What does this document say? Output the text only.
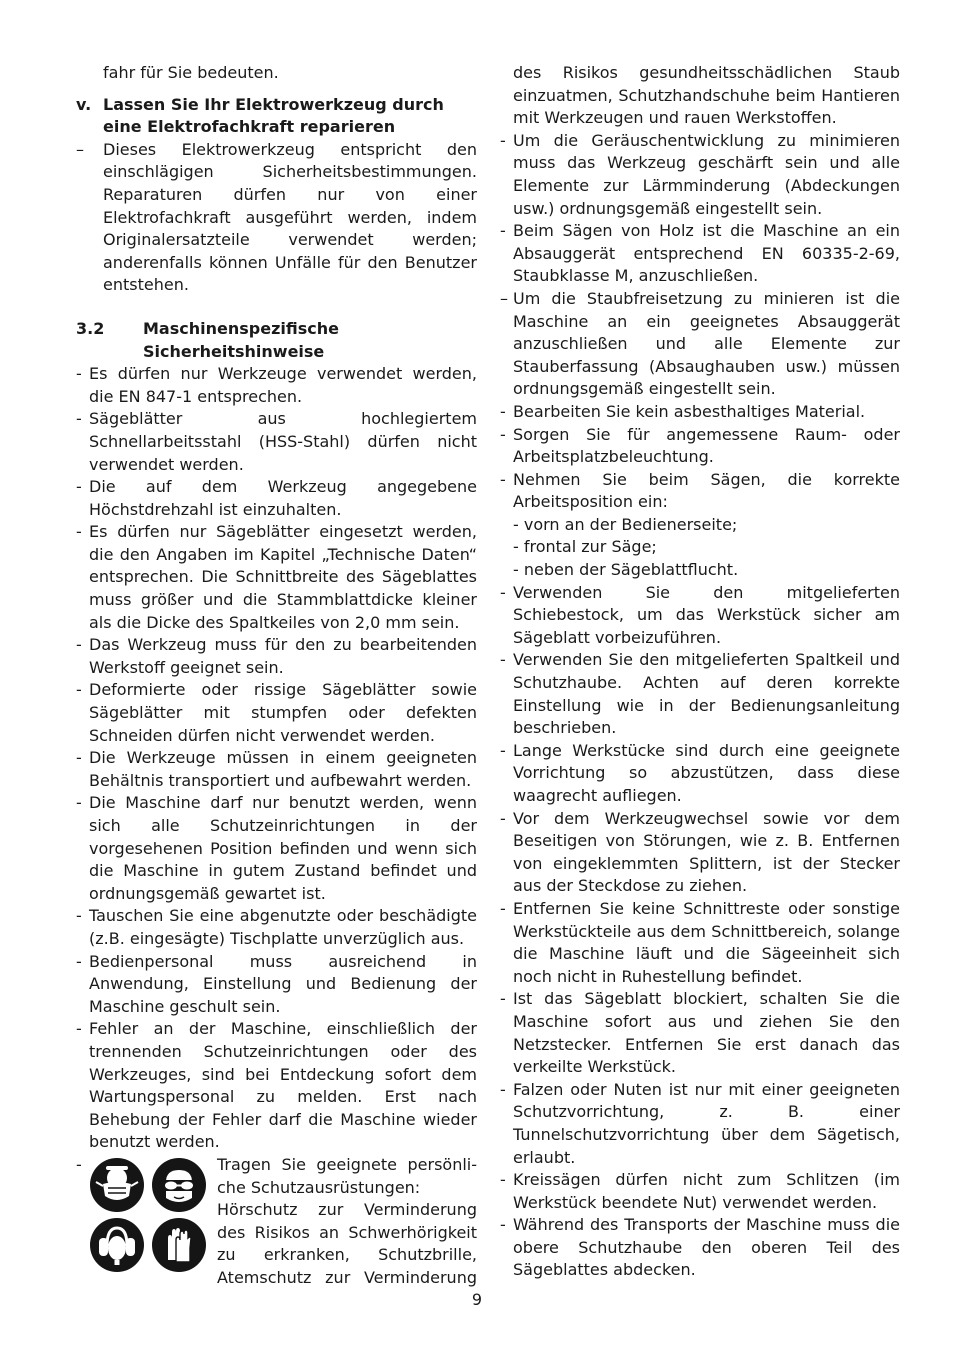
fahr für Sie bedeuten.

v. Lassen Sie Ihr Elektrowerkzeug durch eine Elektrofachkraft reparieren
– Dieses Elektrowerkzeug entspricht den einschlägigen Sicherheitsbestimmungen. Reparaturen dürfen nur von einer Elektrofachkraft ausgeführt werden, indem Originalersatzteile verwendet werden; anderenfalls können Unfälle für den Benutzer entstehen.
3.2 Maschinenspezifische Sicherheitshinweise
- Es dürfen nur Werkzeuge verwendet werden, die EN 847-1 entsprechen.
- Sägeblätter aus hochlegiertem Schnellarbeitsstahl (HSS-Stahl) dürfen nicht verwendet werden.
- Die auf dem Werkzeug angegebene Höchstdrehzahl ist einzuhalten.
- Es dürfen nur Sägeblätter eingesetzt werden, die den Angaben im Kapitel „Technische Daten“ entsprechen. Die Schnittbreite des Sägeblattes muss größer und die Stammblattdicke kleiner als die Dicke des Spaltkeiles von 2,0 mm sein.
- Das Werkzeug muss für den zu bearbeitenden Werkstoff geeignet sein.
- Deformierte oder rissige Sägeblätter sowie Sägeblätter mit stumpfen oder defekten Schneiden dürfen nicht verwendet werden.
- Die Werkzeuge müssen in einem geeigneten Behältnis transportiert und aufbewahrt werden.
- Die Maschine darf nur benutzt werden, wenn sich alle Schutzeinrichtungen in der vorgesehenen Position befinden und wenn sich die Maschine in gutem Zustand befindet und ordnungsgemäß gewartet ist.
- Tauschen Sie eine abgenutzte oder beschädigte (z.B. eingesägte) Tischplatte unverzüglich aus.
- Bedienpersonal muss ausreichend in Anwendung, Einstellung und Bedienung der Maschine geschult sein.
- Fehler an der Maschine, einschließlich der trennenden Schutzeinrichtungen oder des Werkzeuges, sind bei Entdeckung sofort dem Wartungspersonal zu melden. Erst nach Behebung der Fehler darf die Maschine wieder benutzt werden.
-	Tragen Sie geeignete persönli-

che Schutzausrüstungen:

Hörschutz zur Verminderung

des Risikos an Schwerhörigkeit

zu erkranken, Schutzbrille,

Atemschutz zur Verminderung

des Risikos gesundheitsschädlichen Staub einzuatmen, Schutzhandschuhe beim Hantieren mit Werkzeugen und rauen Werkstoffen.

- Um die Geräuschentwicklung zu minimieren muss das Werkzeug geschärft sein und alle Elemente zur Lärmminderung (Abdeckungen usw.) ordnungsgemäß eingestellt sein.
- Beim Sägen von Holz ist die Maschine an ein Absauggerät entsprechend EN 60335-2-69, Staubklasse M, anzuschließen.
– Um die Staubfreisetzung zu minieren ist die Maschine an ein geeignetes Absauggerät anzuschließen und alle Elemente zur Stauberfassung (Absaughauben usw.) müssen ordnungsgemäß eingestellt sein.
- Bearbeiten Sie kein asbesthaltiges Material.
- Sorgen Sie für angemessene Raum- oder Arbeitsplatzbeleuchtung.
- Nehmen Sie beim Sägen, die korrekte Arbeitsposition ein:

- vorn an der Bedienerseite;

- frontal zur Säge;

- neben der Sägeblattflucht.

- Verwenden Sie den mitgelieferten Schiebestock, um das Werkstück sicher am Sägeblatt vorbeizuführen.
- Verwenden Sie den mitgelieferten Spaltkeil und Schutzhaube. Achten auf deren korrekte Einstellung wie in der Bedienungsanleitung beschrieben.
- Lange Werkstücke sind durch eine geeignete Vorrichtung so abzustützen, dass diese waagrecht aufliegen.
- Vor dem Werkzeugwechsel sowie vor dem Beseitigen von Störungen, wie z. B. Entfernen von eingeklemmten Splittern, ist der Stecker aus der Steckdose zu ziehen.
- Entfernen Sie keine Schnittreste oder sonstige Werkstückteile aus dem Schnittbereich, solange die Maschine läuft und die Sägeeinheit sich noch nicht in Ruhestellung befindet.
- Ist das Sägeblatt blockiert, schalten Sie die Maschine sofort aus und ziehen Sie den Netzstecker. Entfernen Sie erst danach das verkeilte Werkstück.
- Falzen oder Nuten ist nur mit einer geeigneten Schutzvorrichtung, z. B. einer Tunnelschutzvorrichtung über dem Sägetisch, erlaubt.
- Kreissägen dürfen nicht zum Schlitzen (im Werkstück beendete Nut) verwendet werden.
- Während des Transports der Maschine muss die obere Schutzhaube den oberen Teil des Sägeblattes abdecken.
9
